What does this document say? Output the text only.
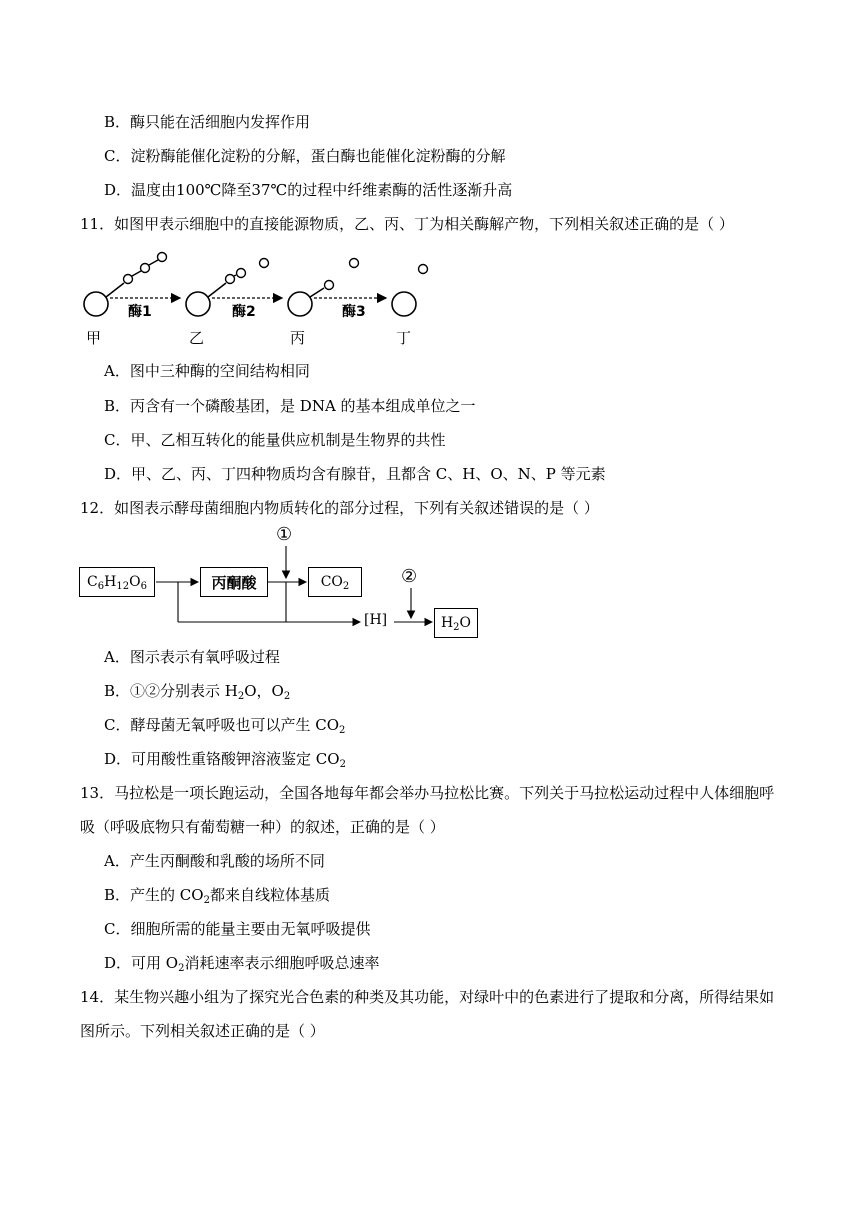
B．酶只能在活细胞内发挥作用
C．淀粉酶能催化淀粉的分解，蛋白酶也能催化淀粉酶的分解
D．温度由100℃降至37℃的过程中纤维素酶的活性逐渐升高
11．如图甲表示细胞中的直接能源物质，乙、丙、丁为相关酶解产物，下列相关叙述正确的是（ ）
酶1
甲
酶2
乙
酶3
丙	丁
A．图中三种酶的空间结构相同
B．丙含有一个磷酸基团，是 DNA 的基本组成单位之一
C．甲、乙相互转化的能量供应机制是生物界的共性
D．甲、乙、丙、丁四种物质均含有腺苷，且都含 C、H、O、N、P 等元素
12．如图表示酵母菌细胞内物质转化的部分过程，下列有关叙述错误的是（ ）
$C_6H_{12}O_6$	丙酮酸	$CO_2$
[H]	$H_2O$
①
②
A．图示表示有氧呼吸过程
B．①②分别表示 $H_2O$，$O_2$
C．酵母菌无氧呼吸也可以产生 $CO_2$
D．可用酸性重铬酸钾溶液鉴定 $CO_2$
13．马拉松是一项长跑运动，全国各地每年都会举办马拉松比赛。下列关于马拉松运动过程中人体细胞呼
吸（呼吸底物只有葡萄糖一种）的叙述，正确的是（ ）
A．产生丙酮酸和乳酸的场所不同
B．产生的 $CO_2$都来自线粒体基质
C．细胞所需的能量主要由无氧呼吸提供
D．可用 $O_2$消耗速率表示细胞呼吸总速率
14．某生物兴趣小组为了探究光合色素的种类及其功能，对绿叶中的色素进行了提取和分离，所得结果如
图所示。下列相关叙述正确的是（ ）
